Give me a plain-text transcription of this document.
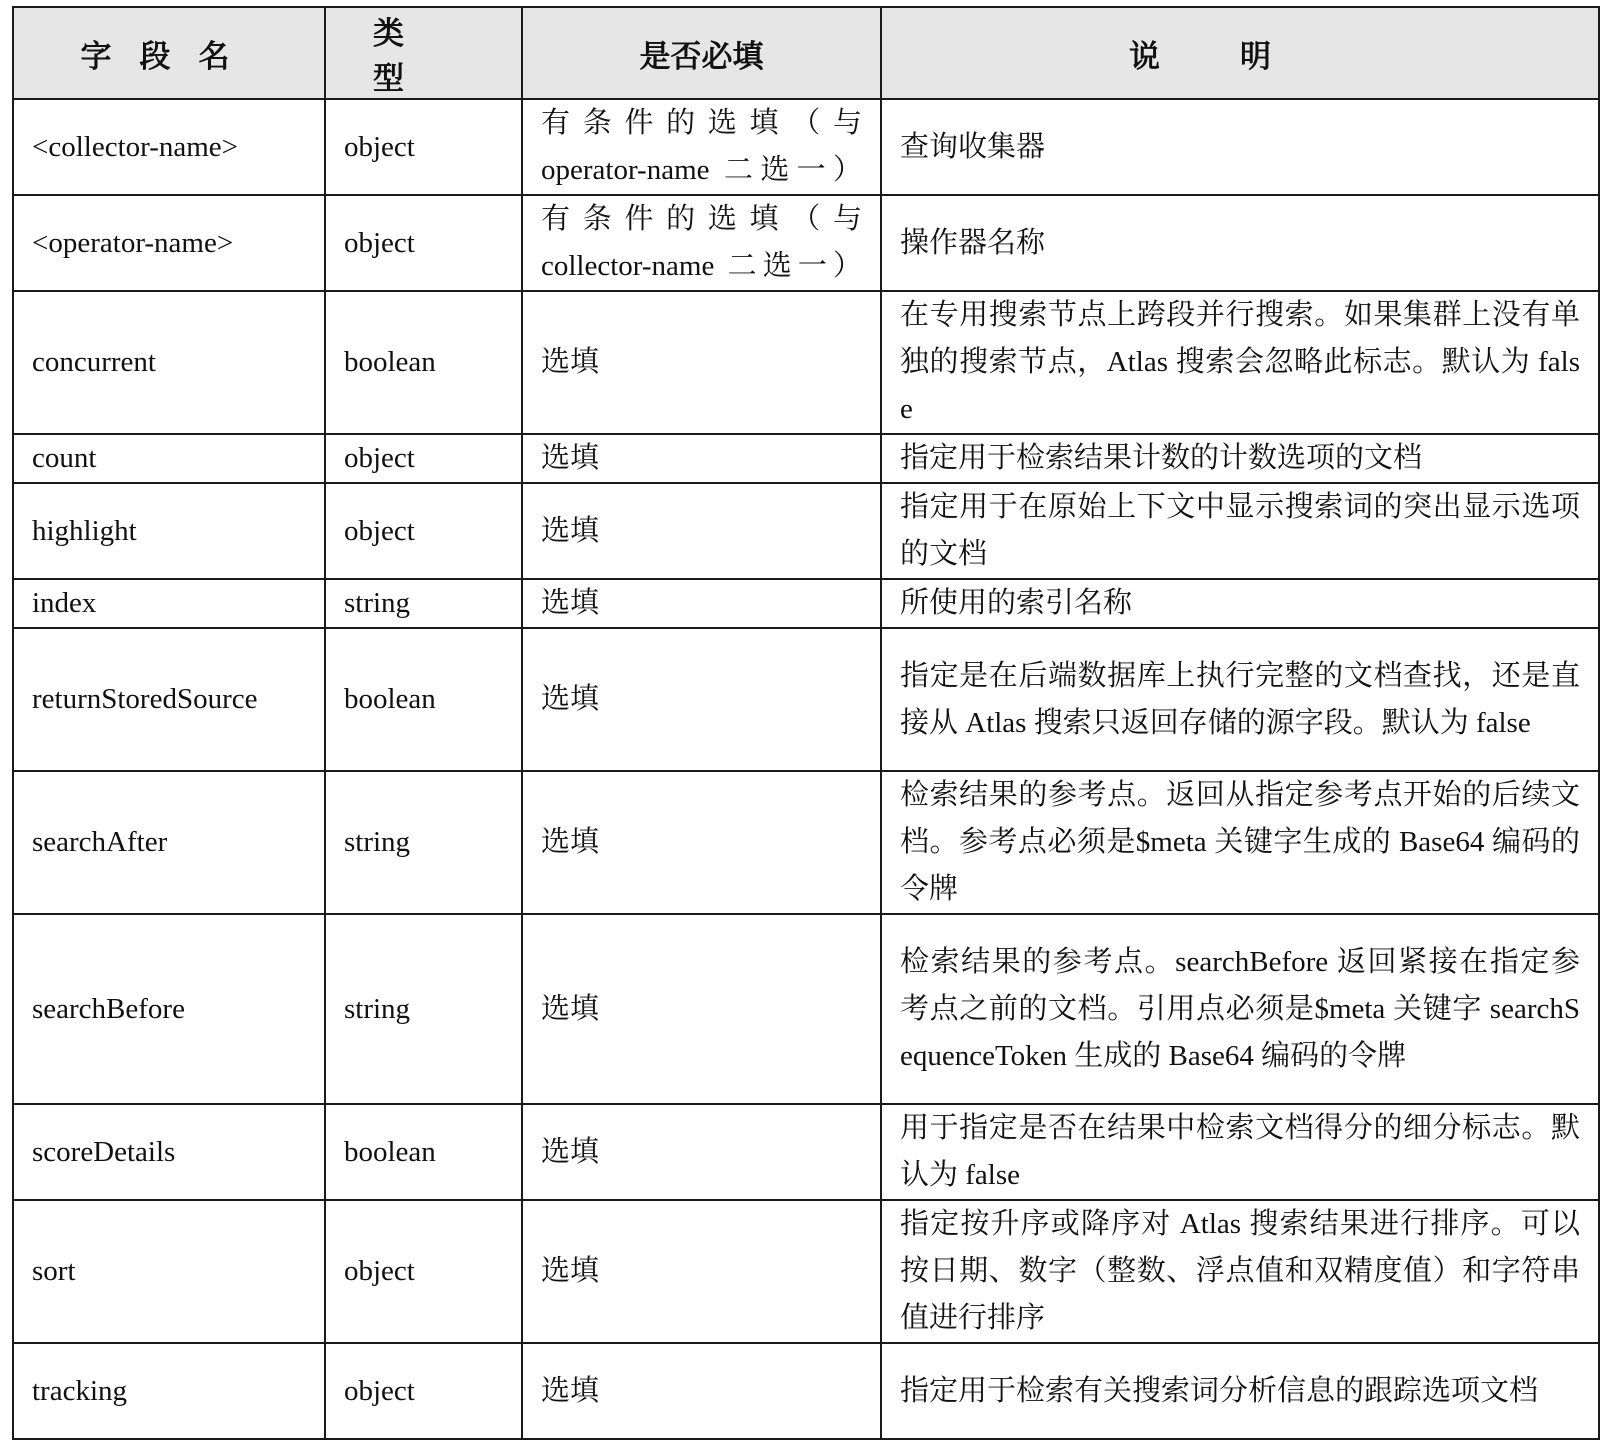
字段名	类型	是否必填	说明
<collector-name>	object	有条件的选填（与 operator-name 二选一）	查询收集器
<operator-name>	object	有条件的选填（与 collector-name 二选一）	操作器名称
concurrent	boolean	选填	在专用搜索节点上跨段并行搜索。如果集群上没有单独的搜索节点，Atlas 搜索会忽略此标志。默认为 false
count	object	选填	指定用于检索结果计数的计数选项的文档
highlight	object	选填	指定用于在原始上下文中显示搜索词的突出显示选项的文档
index	string	选填	所使用的索引名称
returnStoredSource	boolean	选填	指定是在后端数据库上执行完整的文档查找，还是直接从 Atlas 搜索只返回存储的源字段。默认为 false
searchAfter	string	选填	检索结果的参考点。返回从指定参考点开始的后续文档。参考点必须是$meta 关键字生成的 Base64 编码的令牌
searchBefore	string	选填	检索结果的参考点。searchBefore 返回紧接在指定参考点之前的文档。引用点必须是$meta 关键字 searchSequenceToken 生成的 Base64 编码的令牌
scoreDetails	boolean	选填	用于指定是否在结果中检索文档得分的细分标志。默认为 false
sort	object	选填	指定按升序或降序对 Atlas 搜索结果进行排序。可以按日期、数字（整数、浮点值和双精度值）和字符串值进行排序
tracking	object	选填	指定用于检索有关搜索词分析信息的跟踪选项文档
